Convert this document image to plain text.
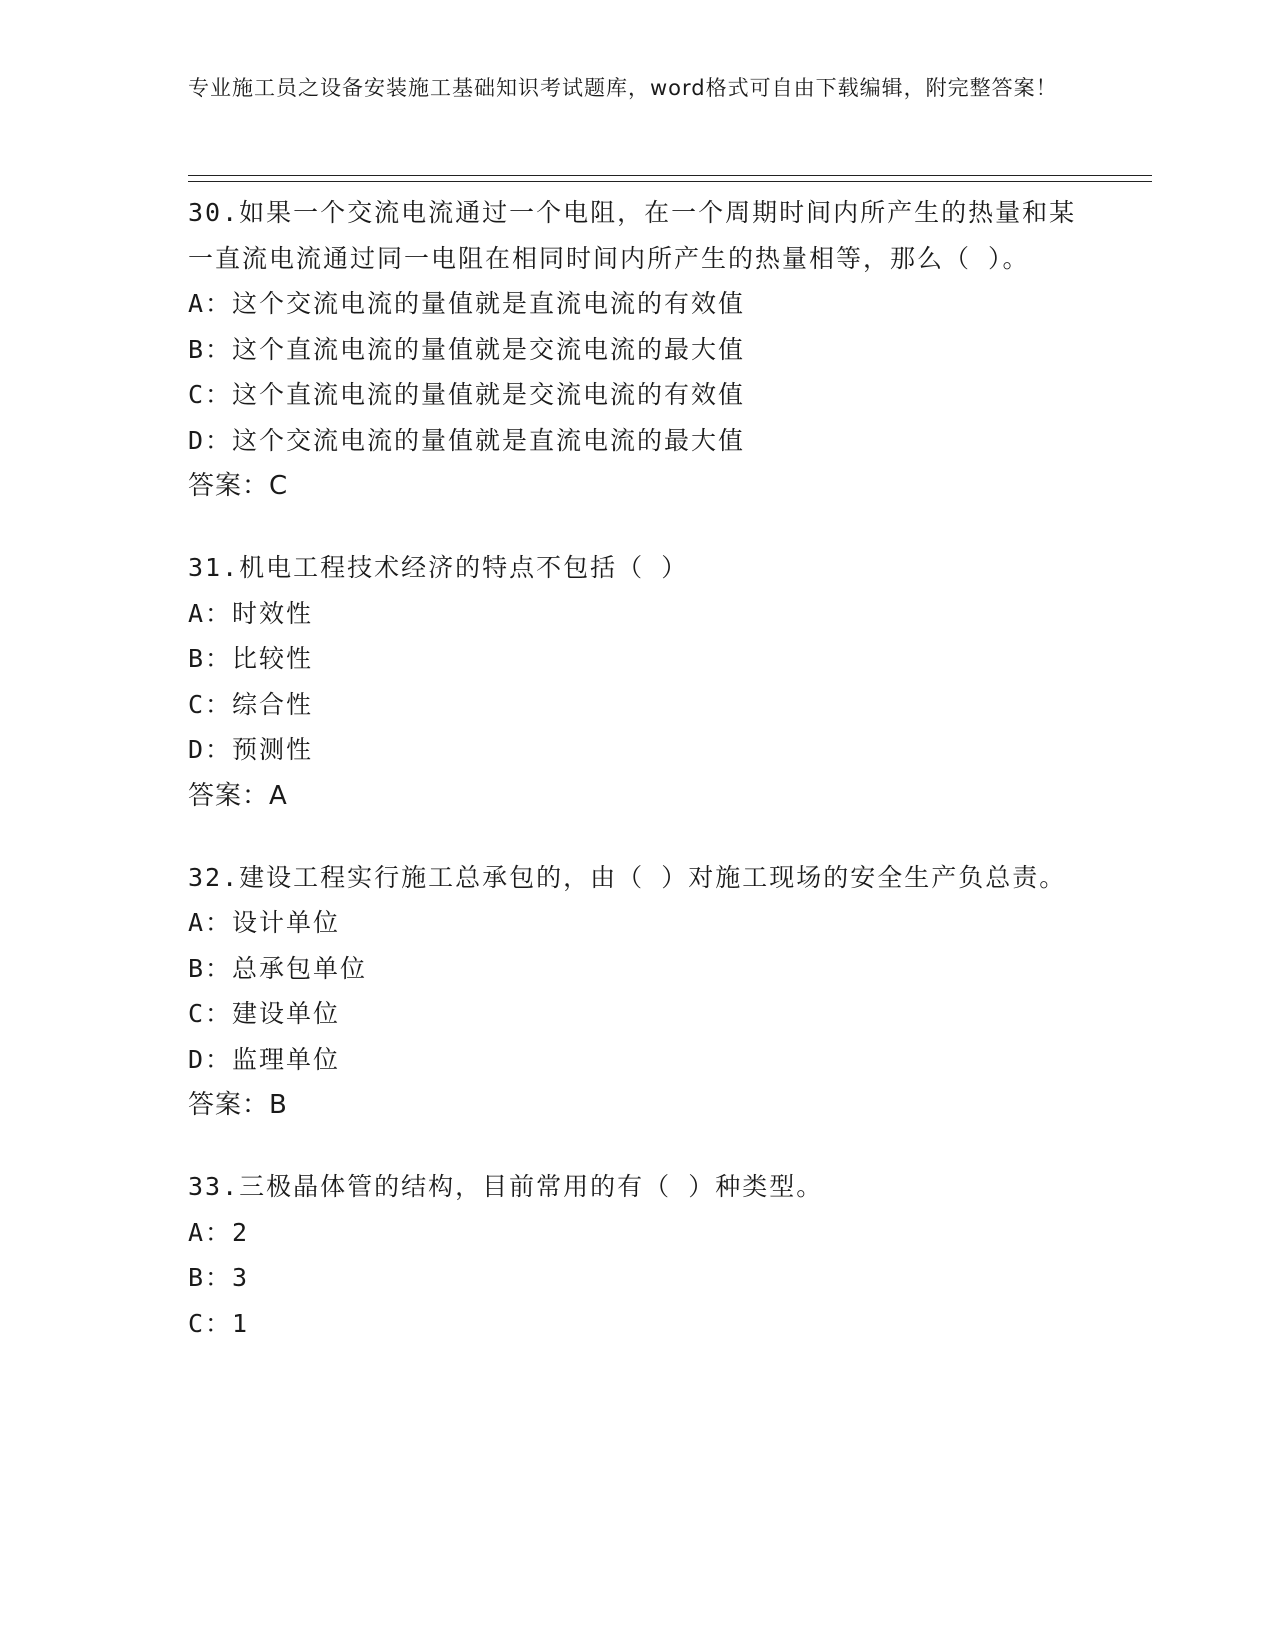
专业施工员之设备安装施工基础知识考试题库，word格式可自由下载编辑，附完整答案！
30.如果一个交流电流通过一个电阻，在一个周期时间内所产生的热量和某一直流电流通过同一电阻在相同时间内所产生的热量相等，那么（ ）。
A：这个交流电流的量值就是直流电流的有效值
B：这个直流电流的量值就是交流电流的最大值
C：这个直流电流的量值就是交流电流的有效值
D：这个交流电流的量值就是直流电流的最大值
答案：C
31.机电工程技术经济的特点不包括（ ）
A：时效性
B：比较性
C：综合性
D：预测性
答案：A
32.建设工程实行施工总承包的，由（ ）对施工现场的安全生产负总责。
A：设计单位
B：总承包单位
C：建设单位
D：监理单位
答案：B
33.三极晶体管的结构，目前常用的有（ ）种类型。
A：2
B：3
C：1
